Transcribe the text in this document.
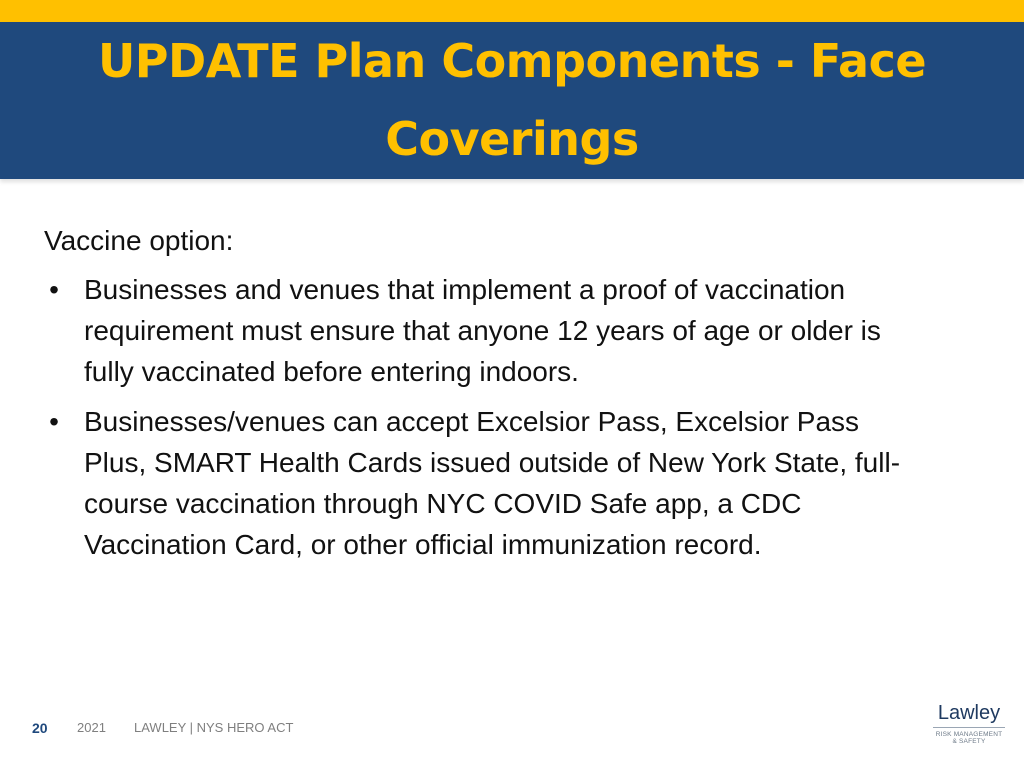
UPDATE Plan Components - Face Coverings

Vaccine option:

• Businesses and venues that implement a proof of vaccination requirement must ensure that anyone 12 years of age or older is fully vaccinated before entering indoors.
• Businesses/venues can accept Excelsior Pass, Excelsior Pass Plus, SMART Health Cards issued outside of New York State, full-course vaccination through NYC COVID Safe app, a CDC Vaccination Card, or other official immunization record.
20 2021 LAWLEY | NYS HERO ACT
Lawley
RISK MANAGEMENT
& SAFETY
